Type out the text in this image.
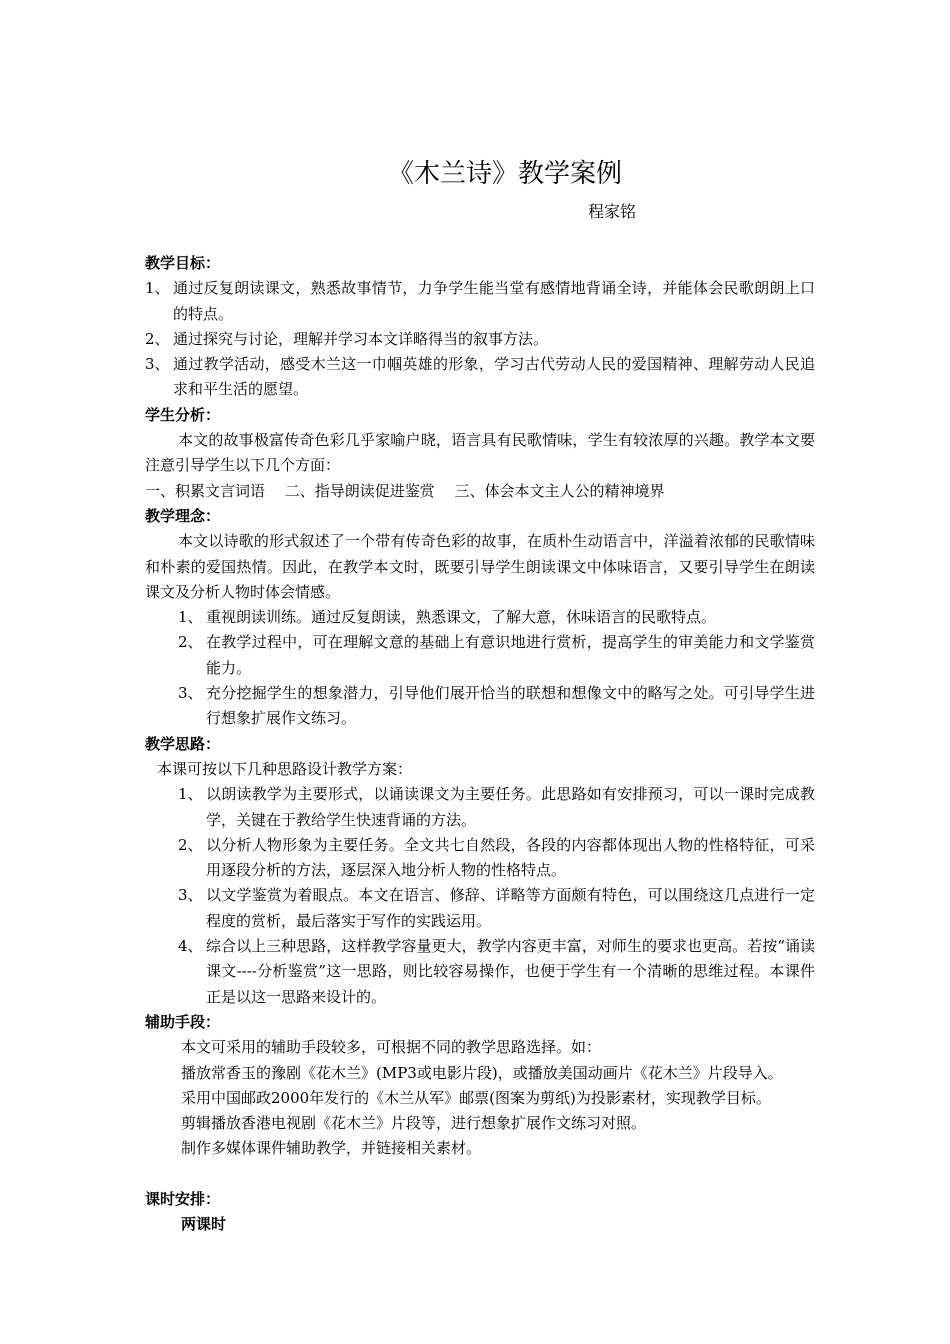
《木兰诗》教学案例
程家铭
教学目标：
1、 通过反复朗读课文，熟悉故事情节，力争学生能当堂有感情地背诵全诗，并能体会民歌朗朗上口的特点。
2、 通过探究与讨论，理解并学习本文详略得当的叙事方法。
3、 通过教学活动，感受木兰这一巾帼英雄的形象，学习古代劳动人民的爱国精神、理解劳动人民追求和平生活的愿望。
学生分析：
本文的故事极富传奇色彩几乎家喻户晓，语言具有民歌情味，学生有较浓厚的兴趣。教学本文要注意引导学生以下几个方面：
一、积累文言词语　 二、指导朗读促进鉴赏　 三、体会本文主人公的精神境界
教学理念：
本文以诗歌的形式叙述了一个带有传奇色彩的故事，在质朴生动语言中，洋溢着浓郁的民歌情味和朴素的爱国热情。因此，在教学本文时，既要引导学生朗读课文中体味语言，又要引导学生在朗读课文及分析人物时体会情感。
1、 重视朗读训练。通过反复朗读，熟悉课文，了解大意，休味语言的民歌特点。
2、 在教学过程中，可在理解文意的基础上有意识地进行赏析，提高学生的审美能力和文学鉴赏能力。
3、 充分挖掘学生的想象潜力，引导他们展开恰当的联想和想像文中的略写之处。可引导学生进行想象扩展作文练习。
教学思路：
本课可按以下几种思路设计教学方案：
1、 以朗读教学为主要形式，以诵读课文为主要任务。此思路如有安排预习，可以一课时完成教学，关键在于教给学生快速背诵的方法。
2、 以分析人物形象为主要任务。全文共七自然段，各段的内容都体现出人物的性格特征，可采用逐段分析的方法，逐层深入地分析人物的性格特点。
3、 以文学鉴赏为着眼点。本文在语言、修辞、详略等方面颇有特色，可以围绕这几点进行一定程度的赏析，最后落实于写作的实践运用。
4、 综合以上三种思路，这样教学容量更大，教学内容更丰富，对师生的要求也更高。若按“诵读课文----分析鉴赏”这一思路，则比较容易操作，也便于学生有一个清晰的思维过程。本课件正是以这一思路来设计的。
辅助手段：
本文可采用的辅助手段较多，可根据不同的教学思路选择。如：
播放常香玉的豫剧《花木兰》(MP3或电影片段)，或播放美国动画片《花木兰》片段导入。
采用中国邮政2000年发行的《木兰从军》邮票(图案为剪纸)为投影素材，实现教学目标。
剪辑播放香港电视剧《花木兰》片段等，进行想象扩展作文练习对照。
制作多媒体课件辅助教学，并链接相关素材。
课时安排：
两课时
